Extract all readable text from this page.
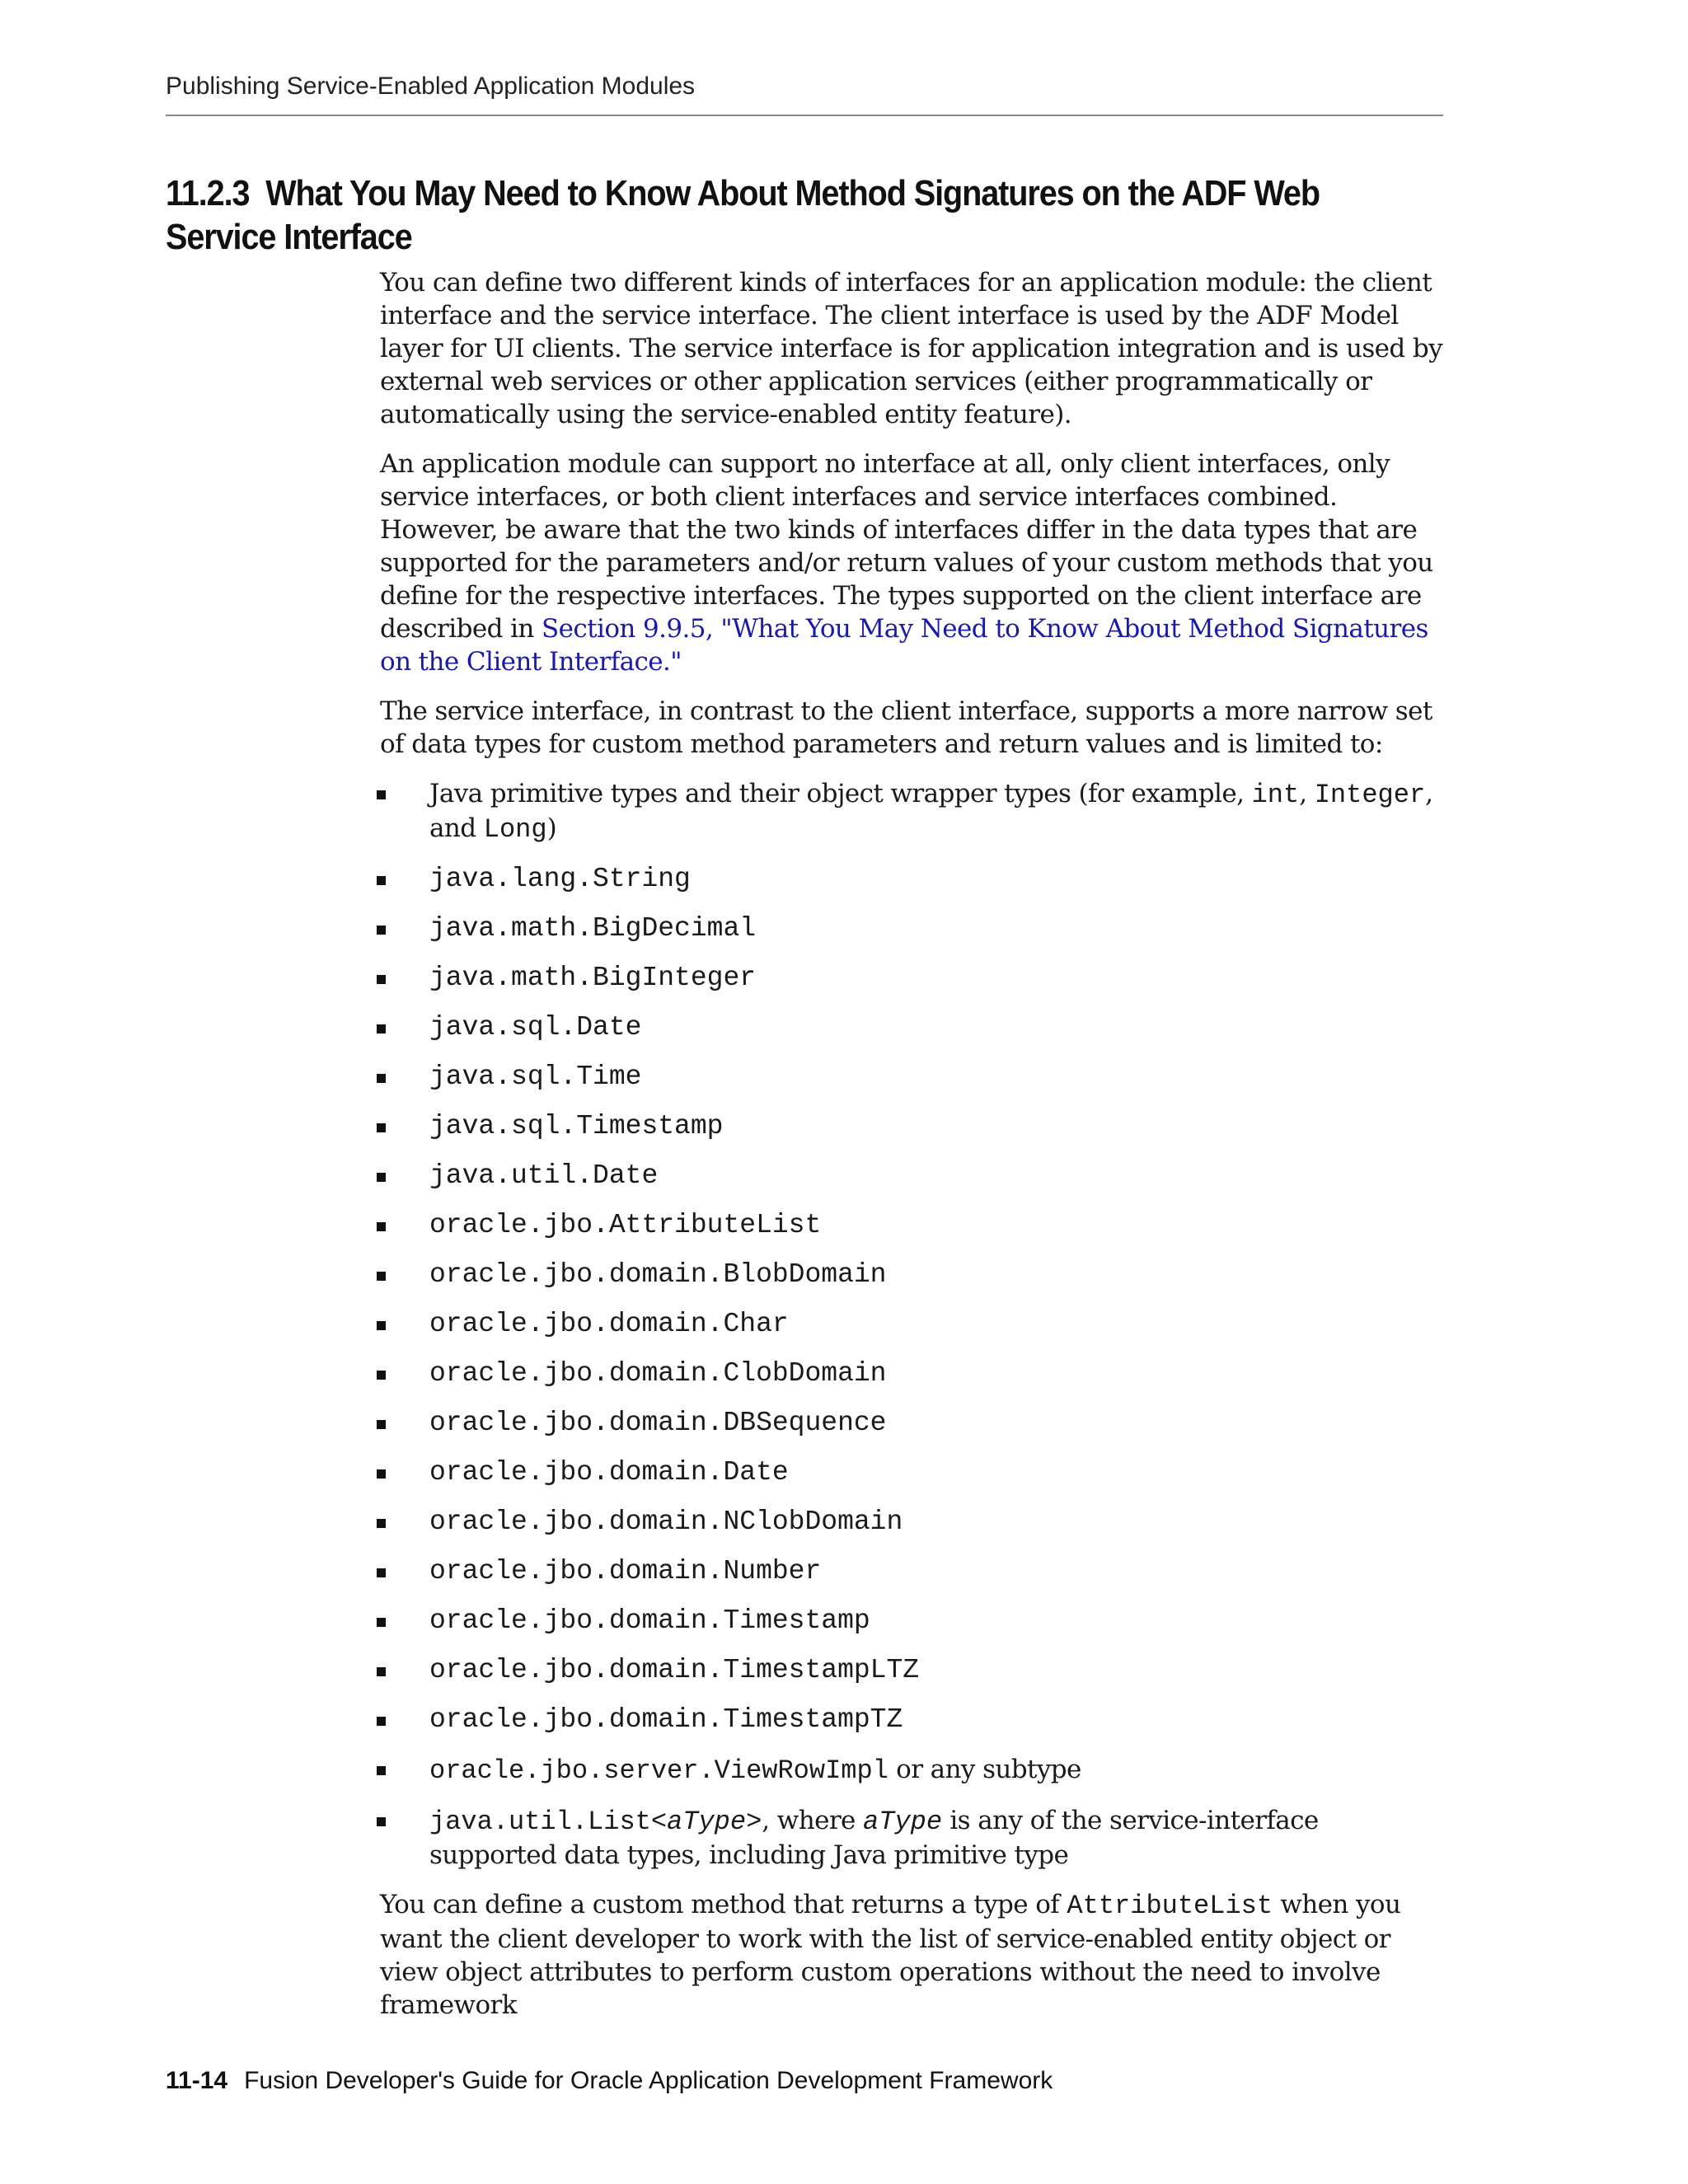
Publishing Service-Enabled Application Modules
11.2.3 What You May Need to Know About Method Signatures on the ADF Web Service Interface

You can define two different kinds of interfaces for an application module: the client interface and the service interface. The client interface is used by the ADF Model layer for UI clients. The service interface is for application integration and is used by external web services or other application services (either programmatically or automatically using the service-enabled entity feature).

An application module can support no interface at all, only client interfaces, only service interfaces, or both client interfaces and service interfaces combined. However, be aware that the two kinds of interfaces differ in the data types that are supported for the parameters and/or return values of your custom methods that you define for the respective interfaces. The types supported on the client interface are described in Section 9.9.5, "What You May Need to Know About Method Signatures on the Client Interface."

The service interface, in contrast to the client interface, supports a more narrow set of data types for custom method parameters and return values and is limited to:

Java primitive types and their object wrapper types (for example, int, Integer, and Long)
java.lang.String
java.math.BigDecimal
java.math.BigInteger
java.sql.Date
java.sql.Time
java.sql.Timestamp
java.util.Date
oracle.jbo.AttributeList
oracle.jbo.domain.BlobDomain
oracle.jbo.domain.Char
oracle.jbo.domain.ClobDomain
oracle.jbo.domain.DBSequence
oracle.jbo.domain.Date
oracle.jbo.domain.NClobDomain
oracle.jbo.domain.Number
oracle.jbo.domain.Timestamp
oracle.jbo.domain.TimestampLTZ
oracle.jbo.domain.TimestampTZ
oracle.jbo.server.ViewRowImpl or any subtype
java.util.List<aType>, where aType is any of the service-interface supported data types, including Java primitive type

You can define a custom method that returns a type of AttributeList when you want the client developer to work with the list of service-enabled entity object or view object attributes to perform custom operations without the need to involve framework

11-14 Fusion Developer's Guide for Oracle Application Development Framework
